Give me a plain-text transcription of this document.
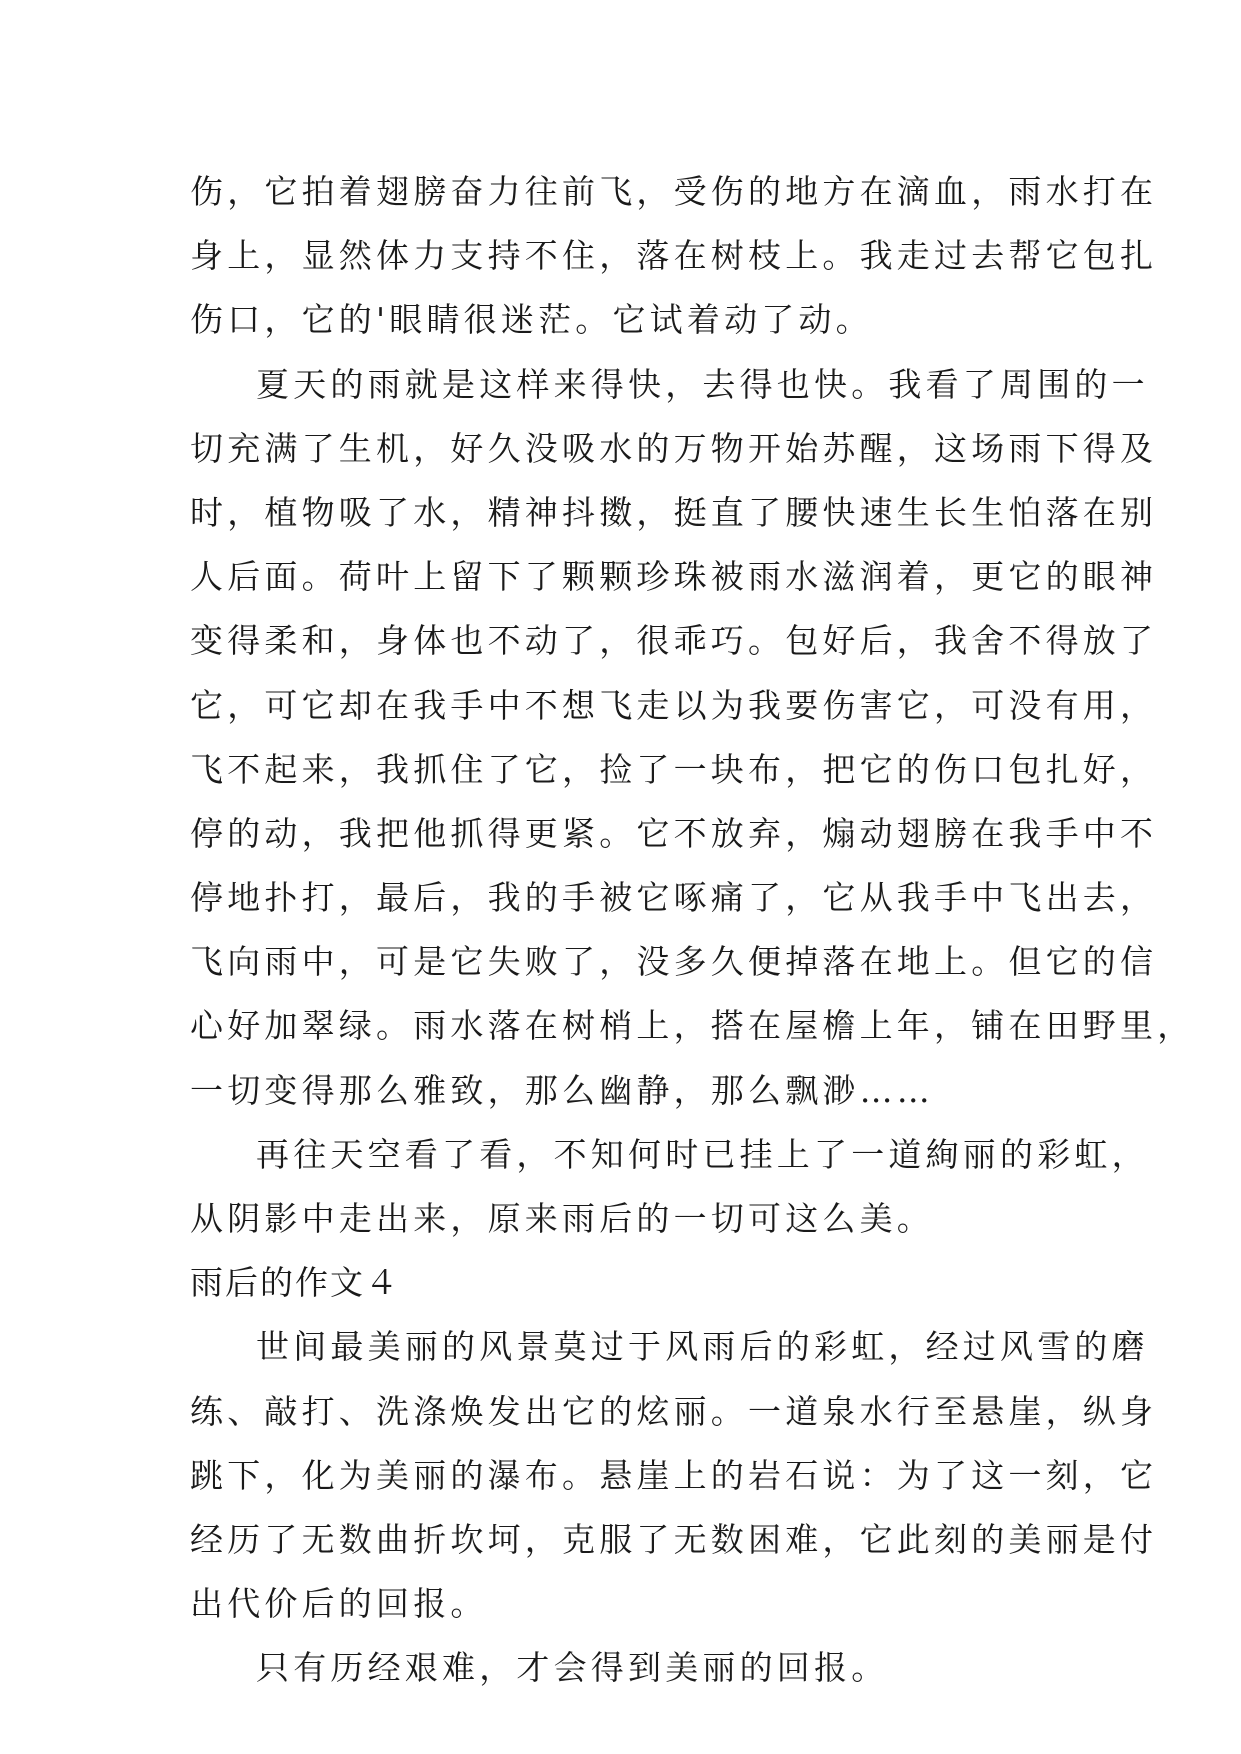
伤，它拍着翅膀奋力往前飞，受伤的地方在滴血，雨水打在
身上，显然体力支持不住，落在树枝上。我走过去帮它包扎
伤口，它的'眼睛很迷茫。它试着动了动。
夏天的雨就是这样来得快，去得也快。我看了周围的一
切充满了生机，好久没吸水的万物开始苏醒，这场雨下得及
时，植物吸了水，精神抖擞，挺直了腰快速生长生怕落在别
人后面。荷叶上留下了颗颗珍珠被雨水滋润着，更它的眼神
变得柔和，身体也不动了，很乖巧。包好后，我舍不得放了
它，可它却在我手中不想飞走以为我要伤害它，可没有用，
飞不起来，我抓住了它，捡了一块布，把它的伤口包扎好，
停的动，我把他抓得更紧。它不放弃，煽动翅膀在我手中不
停地扑打，最后，我的手被它啄痛了，它从我手中飞出去，
飞向雨中，可是它失败了，没多久便掉落在地上。但它的信
心好加翠绿。雨水落在树梢上，搭在屋檐上年，铺在田野里，
一切变得那么雅致，那么幽静，那么飘渺……
再往天空看了看，不知何时已挂上了一道絢丽的彩虹，
从阴影中走出来，原来雨后的一切可这么美。
雨后的作文４
世间最美丽的风景莫过于风雨后的彩虹，经过风雪的磨
练、敲打、洗涤焕发出它的炫丽。一道泉水行至悬崖，纵身
跳下，化为美丽的瀑布。悬崖上的岩石说：为了这一刻，它
经历了无数曲折坎坷，克服了无数困难，它此刻的美丽是付
出代价后的回报。
只有历经艰难，才会得到美丽的回报。
